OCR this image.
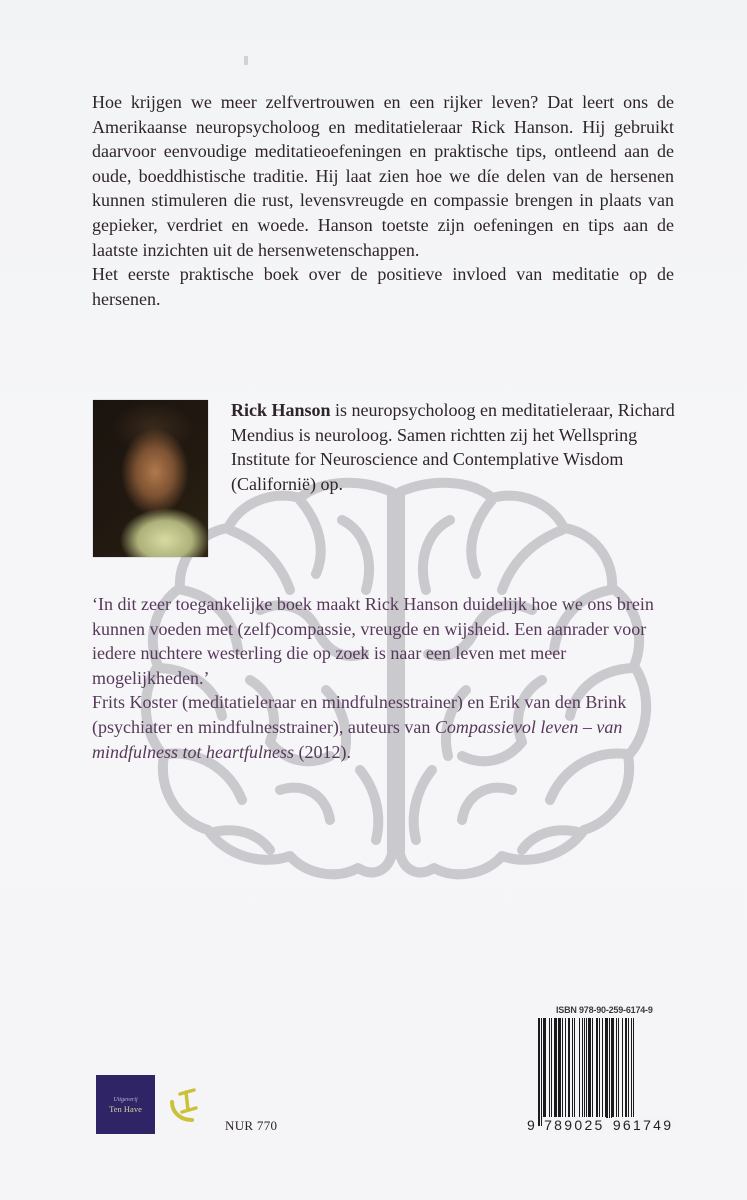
Hoe krijgen we meer zelfvertrouwen en een rijker leven? Dat leert ons de Amerikaanse neuropsycholoog en meditatieleraar Rick Hanson. Hij gebruikt daarvoor eenvoudige meditatieoefeningen en praktische tips, ontleend aan de oude, boeddhistische traditie. Hij laat zien hoe we díe delen van de hersenen kunnen stimuleren die rust, levensvreugde en compassie brengen in plaats van gepieker, verdriet en woede. Hanson toetste zijn oefeningen en tips aan de laatste inzichten uit de hersenwetenschappen.

Het eerste praktische boek over de positieve invloed van meditatie op de hersenen.

Rick Hanson is neuropsycholoog en meditatieleraar, Richard Mendius is neuroloog. Samen richtten zij het Wellspring Institute for Neuroscience and Contemplative Wisdom (Californië) op.

‘In dit zeer toegankelijke boek maakt Rick Hanson duidelijk hoe we ons brein kunnen voeden met (zelf)compassie, vreugde en wijsheid. Een aanrader voor iedere nuchtere westerling die op zoek is naar een leven met meer mogelijkheden.’

Frits Koster (meditatieleraar en mindfulnesstrainer) en Erik van den Brink (psychiater en mindfulnesstrainer), auteurs van Compassievol leven – van mindfulness tot heartfulness (2012).

Uitgeverij
Ten Have
NUR 770
ISBN 978-90-259-6174-9
9 789025 961749
